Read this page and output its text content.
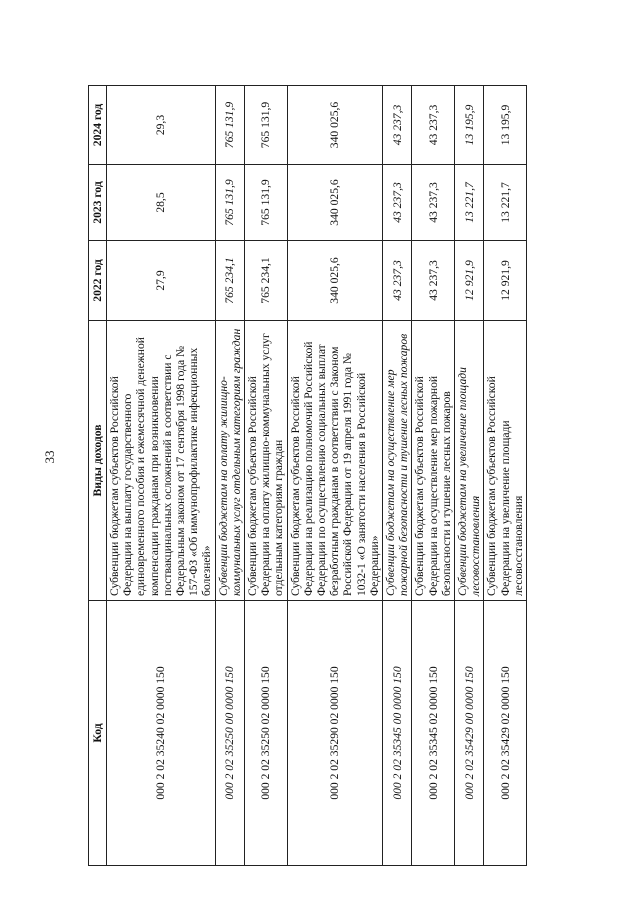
33
Код	Виды доходов	2022 год	2023 год	2024 год
000 2 02 35240 02 0000 150	Субвенции бюджетам субъектов Российской Федерации на выплату государственного единовременного пособия и ежемесячной денежной компенсации гражданам при возникновении поствакцинальных осложнений в соответствии с Федеральным законом от 17 сентября 1998 года № 157-ФЗ «Об иммунопрофилактике инфекционных болезней»	27,9	28,5	29,3
000 2 02 35250 00 0000 150	Субвенции бюджетам на оплату жилищно-коммунальных услуг отдельным категориям граждан	765 234,1	765 131,9	765 131,9
000 2 02 35250 02 0000 150	Субвенции бюджетам субъектов Российской Федерации на оплату жилищно-коммунальных услуг отдельным категориям граждан	765 234,1	765 131,9	765 131,9
000 2 02 35290 02 0000 150	Субвенции бюджетам субъектов Российской Федерации на реализацию полномочий Российской Федерации по осуществлению социальных выплат безработным гражданам в соответствии с Законом Российской Федерации от 19 апреля 1991 года № 1032-1 «О занятости населения в Российской Федерации»	340 025,6	340 025,6	340 025,6
000 2 02 35345 00 0000 150	Субвенции бюджетам на осуществление мер пожарной безопасности и тушение лесных пожаров	43 237,3	43 237,3	43 237,3
000 2 02 35345 02 0000 150	Субвенции бюджетам субъектов Российской Федерации на осуществление мер пожарной безопасности и тушение лесных пожаров	43 237,3	43 237,3	43 237,3
000 2 02 35429 00 0000 150	Субвенции бюджетам на увеличение площади лесовосстановления	12 921,9	13 221,7	13 195,9
000 2 02 35429 02 0000 150	Субвенции бюджетам субъектов Российской Федерации на увеличение площади лесовосстановления	12 921,9	13 221,7	13 195,9
